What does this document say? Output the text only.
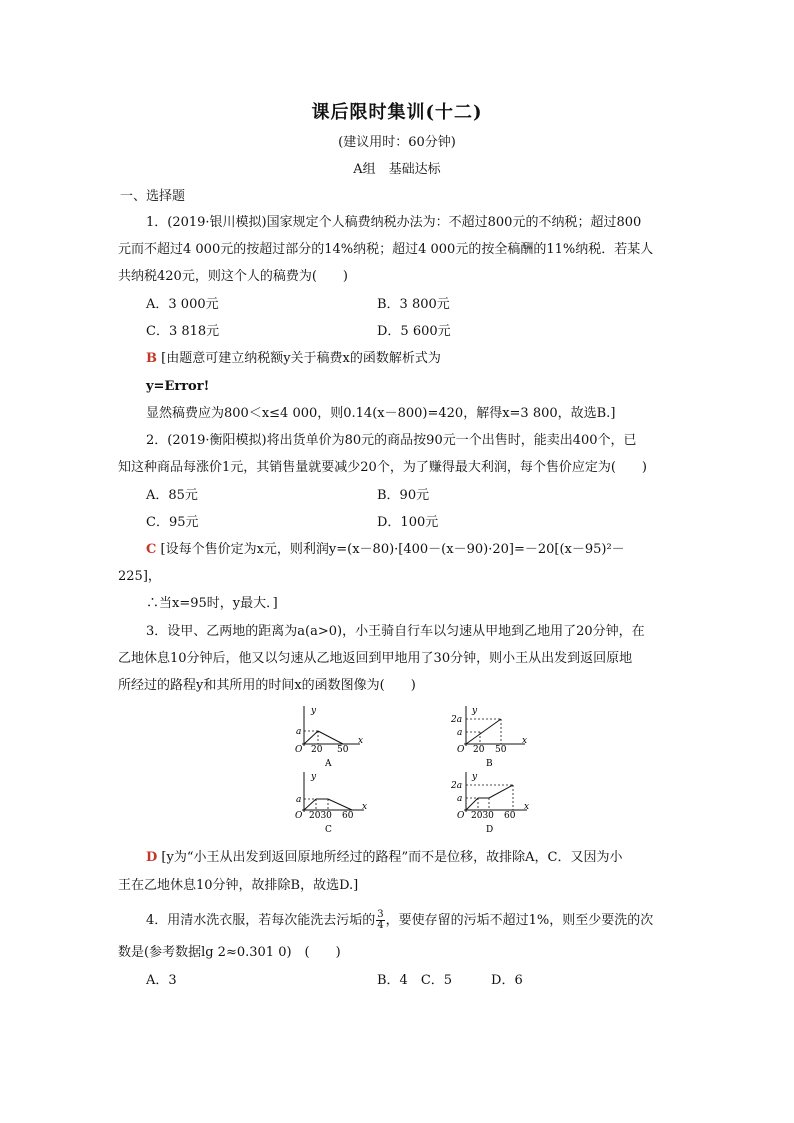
课后限时集训(十二)
(建议用时：60分钟)
A组　基础达标
一、选择题
1．(2019·银川模拟)国家规定个人稿费纳税办法为：不超过800元的不纳税；超过800
元而不超过4 000元的按超过部分的14%纳税；超过4 000元的按全稿酬的11%纳税．若某人
共纳税420元，则这个人的稿费为(　　)
A．3 000元	B．3 800元
C．3 818元	D．5 600元
B [由题意可建立纳税额y关于稿费x的函数解析式为
y=Error!
显然稿费应为800＜x≤4 000，则0.14(x－800)=420，解得x=3 800，故选B.]
2．(2019·衡阳模拟)将出货单价为80元的商品按90元一个出售时，能卖出400个，已
知这种商品每涨价1元，其销售量就要减少20个，为了赚得最大利润，每个售价应定为(　　)
A．85元	B．90元
C．95元	D．100元
C [设每个售价定为x元，则利润y=(x－80)·[400－(x－90)·20]=－20[(x－95)²－
225]，
∴当x=95时，y最大．]
3．设甲、乙两地的距离为a(a>0)，小王骑自行车以匀速从甲地到乙地用了20分钟，在
乙地休息10分钟后，他又以匀速从乙地返回到甲地用了30分钟，则小王从出发到返回原地
所经过的路程y和其所用的时间x的函数图像为(　　)
y
x
O
a
20 50
A
y
x
O
2a
a
20 50
B
y
x
O
a
2030 60
C
y
x
O
2a
a
2030 60
D
D [y为“小王从出发到返回原地所经过的路程”而不是位移，故排除A，C．又因为小
王在乙地休息10分钟，故排除B，故选D.]
4．用清水洗衣服，若每次能洗去污垢的 $\frac{3}{4}$ ，要使存留的污垢不超过1%，则至少要洗的次
数是(参考数据lg 2≈0.301 0)　(　　)
A．3	B．4　C．5　　　D．6
